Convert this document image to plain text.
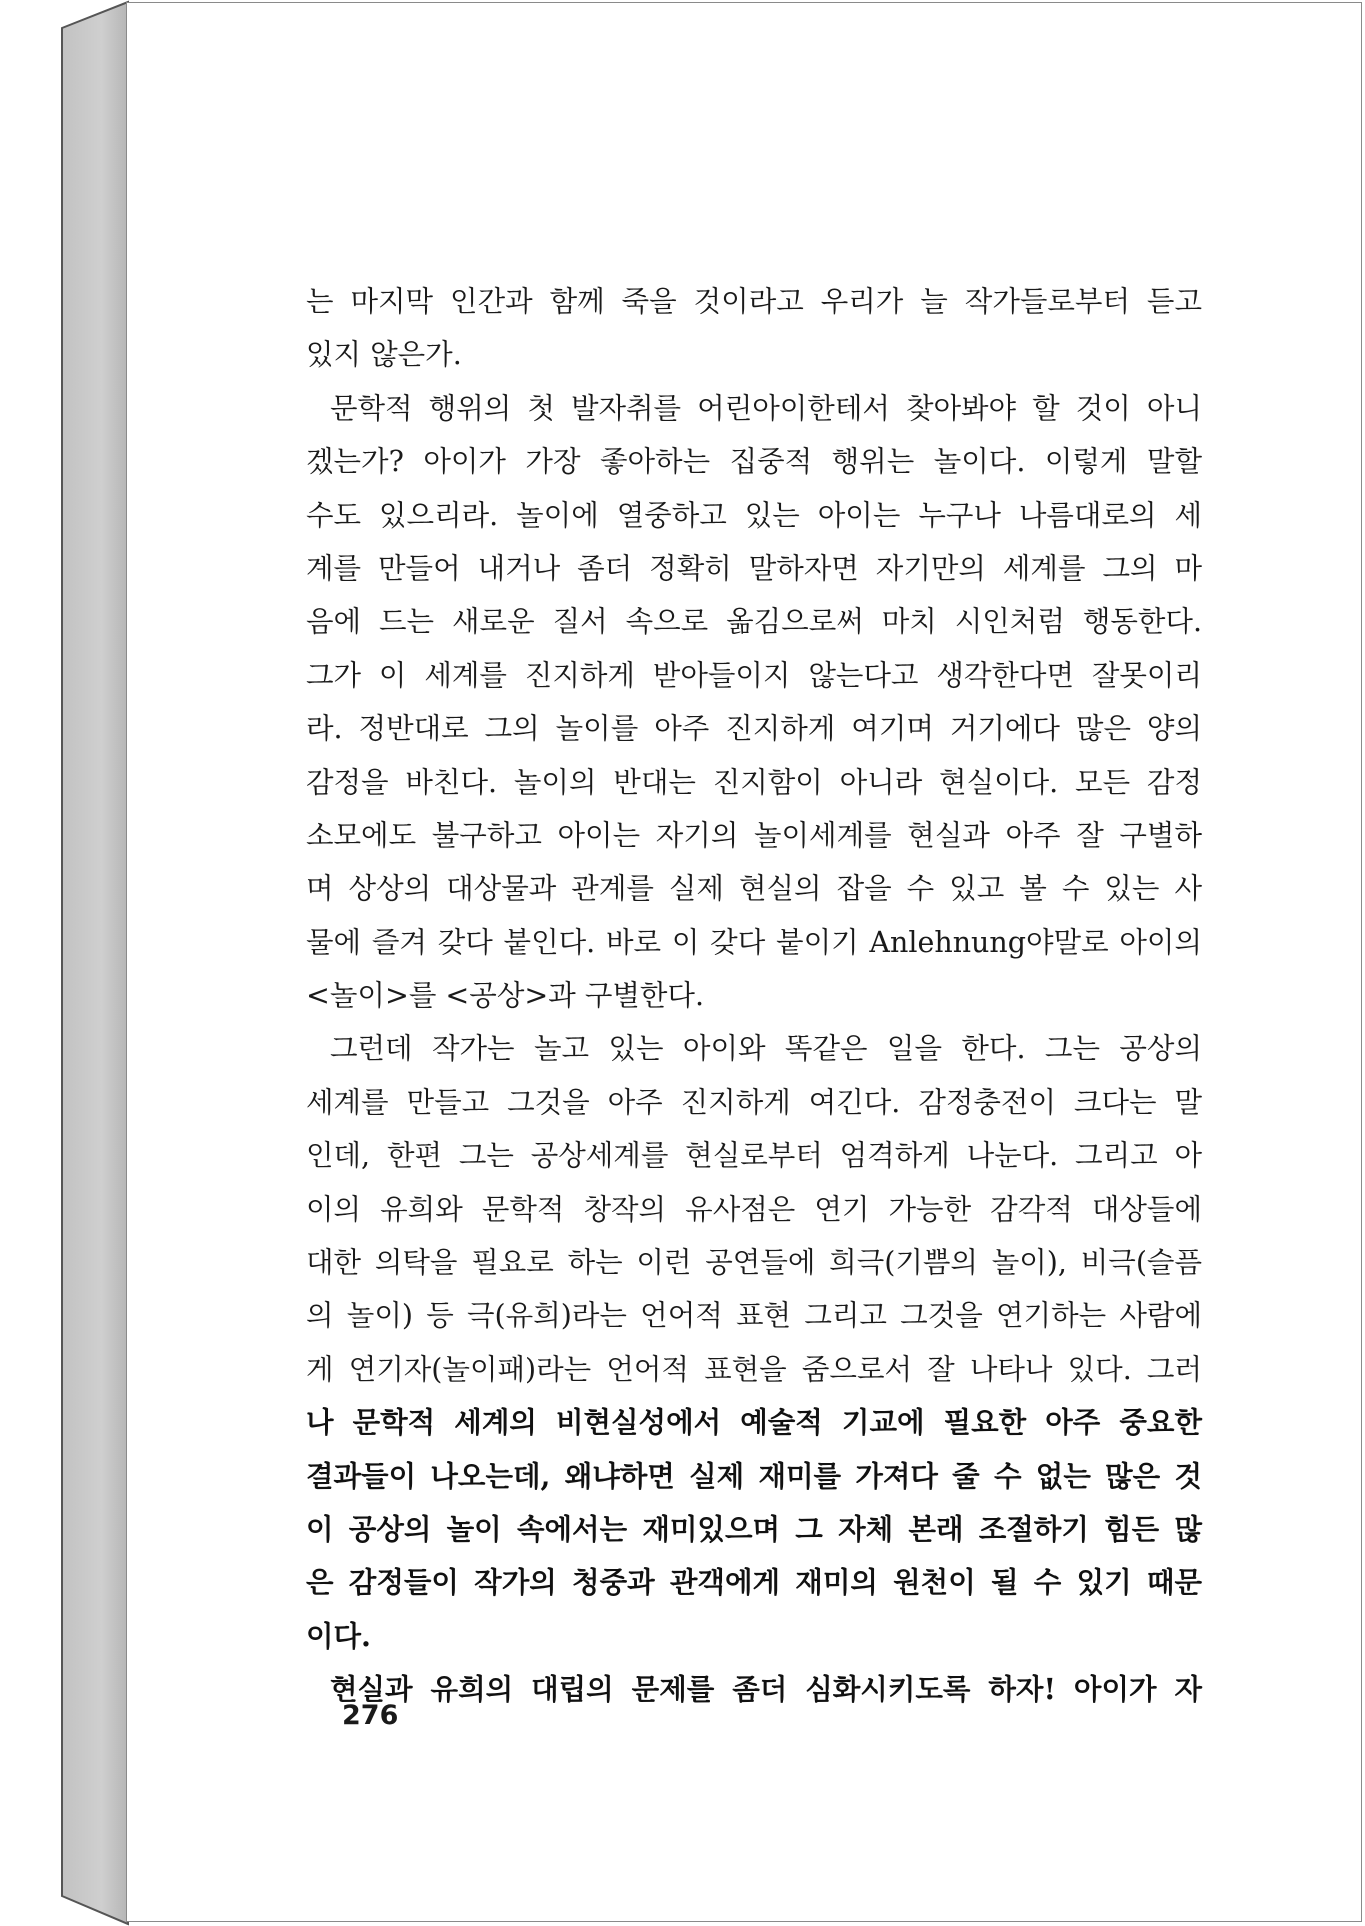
는 마지막 인간과 함께 죽을 것이라고 우리가 늘 작가들로부터 듣고
있지 않은가.
문학적 행위의 첫 발자취를 어린아이한테서 찾아봐야 할 것이 아니
겠는가? 아이가 가장 좋아하는 집중적 행위는 놀이다. 이렇게 말할
수도 있으리라. 놀이에 열중하고 있는 아이는 누구나 나름대로의 세
계를 만들어 내거나 좀더 정확히 말하자면 자기만의 세계를 그의 마
음에 드는 새로운 질서 속으로 옮김으로써 마치 시인처럼 행동한다.
그가 이 세계를 진지하게 받아들이지 않는다고 생각한다면 잘못이리
라. 정반대로 그의 놀이를 아주 진지하게 여기며 거기에다 많은 양의
감정을 바친다. 놀이의 반대는 진지함이 아니라 현실이다. 모든 감정
소모에도 불구하고 아이는 자기의 놀이세계를 현실과 아주 잘 구별하
며 상상의 대상물과 관계를 실제 현실의 잡을 수 있고 볼 수 있는 사
물에 즐겨 갖다 붙인다. 바로 이 갖다 붙이기 Anlehnung야말로 아이의
<놀이>를 <공상>과 구별한다.
그런데 작가는 놀고 있는 아이와 똑같은 일을 한다. 그는 공상의
세계를 만들고 그것을 아주 진지하게 여긴다. 감정충전이 크다는 말
인데, 한편 그는 공상세계를 현실로부터 엄격하게 나눈다. 그리고 아
이의 유희와 문학적 창작의 유사점은 연기 가능한 감각적 대상들에
대한 의탁을 필요로 하는 이런 공연들에 희극(기쁨의 놀이), 비극(슬픔
의 놀이) 등 극(유희)라는 언어적 표현 그리고 그것을 연기하는 사람에
게 연기자(놀이패)라는 언어적 표현을 줌으로서 잘 나타나 있다. 그러
나 문학적 세계의 비현실성에서 예술적 기교에 필요한 아주 중요한
결과들이 나오는데, 왜냐하면 실제 재미를 가져다 줄 수 없는 많은 것
이 공상의 놀이 속에서는 재미있으며 그 자체 본래 조절하기 힘든 많
은 감정들이 작가의 청중과 관객에게 재미의 원천이 될 수 있기 때문
이다.
현실과 유희의 대립의 문제를 좀더 심화시키도록 하자! 아이가 자
276
